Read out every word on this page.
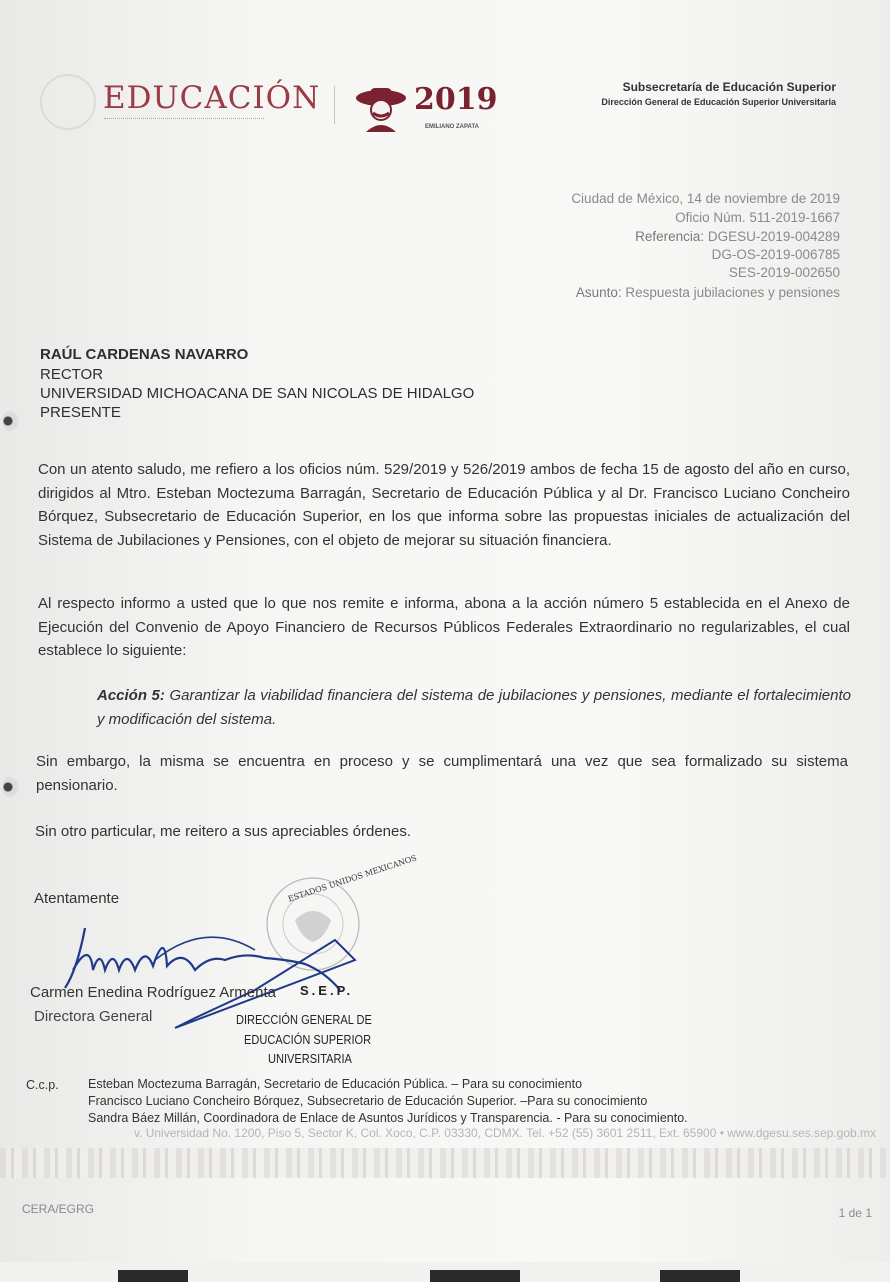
EDUCACIÓN	2019
EMILIANO ZAPATA
Subsecretaría de Educación Superior
Dirección General de Educación Superior Universitaria
Ciudad de México, 14 de noviembre de 2019
Oficio Núm. 511-2019-1667
Referencia: DGESU-2019-004289
DG-OS-2019-006785
SES-2019-002650
Asunto: Respuesta jubilaciones y pensiones
RAÚL CARDENAS NAVARRO
RECTOR
UNIVERSIDAD MICHOACANA DE SAN NICOLAS DE HIDALGO
PRESENTE
Con un atento saludo, me refiero a los oficios núm. 529/2019 y 526/2019 ambos de fecha 15 de agosto del año en curso, dirigidos al Mtro. Esteban Moctezuma Barragán, Secretario de Educación Pública y al Dr. Francisco Luciano Concheiro Bórquez, Subsecretario de Educación Superior, en los que informa sobre las propuestas iniciales de actualización del Sistema de Jubilaciones y Pensiones, con el objeto de mejorar su situación financiera.
Al respecto informo a usted que lo que nos remite e informa, abona a la acción número 5 establecida en el Anexo de Ejecución del Convenio de Apoyo Financiero de Recursos Públicos Federales Extraordinario no regularizables, el cual establece lo siguiente:
Acción 5: Garantizar la viabilidad financiera del sistema de jubilaciones y pensiones, mediante el fortalecimiento y modificación del sistema.
Sin embargo, la misma se encuentra en proceso y se cumplimentará una vez que sea formalizado su sistema pensionario.
Sin otro particular, me reitero a sus apreciables órdenes.
Atentamente	ESTADOS UNIDOS MEXICANOS
Carmen Enedina Rodríguez Armenta S.E.P.
Directora General	DIRECCIÓN GENERAL DE
EDUCACIÓN SUPERIOR
UNIVERSITARIA
C.c.p. Esteban Moctezuma Barragán, Secretario de Educación Pública. – Para su conocimiento
Francisco Luciano Concheiro Bórquez, Subsecretario de Educación Superior. –Para su conocimiento
Sandra Báez Millán, Coordinadora de Enlace de Asuntos Jurídicos y Transparencia. - Para su conocimiento.
v. Universidad No. 1200, Piso 5, Sector K, Col. Xoco, C.P. 03330, CDMX. Tel. +52 (55) 3601 2511, Ext. 65900 • www.dgesu.ses.sep.gob.mx
CERA/EGRG	1 de 1
